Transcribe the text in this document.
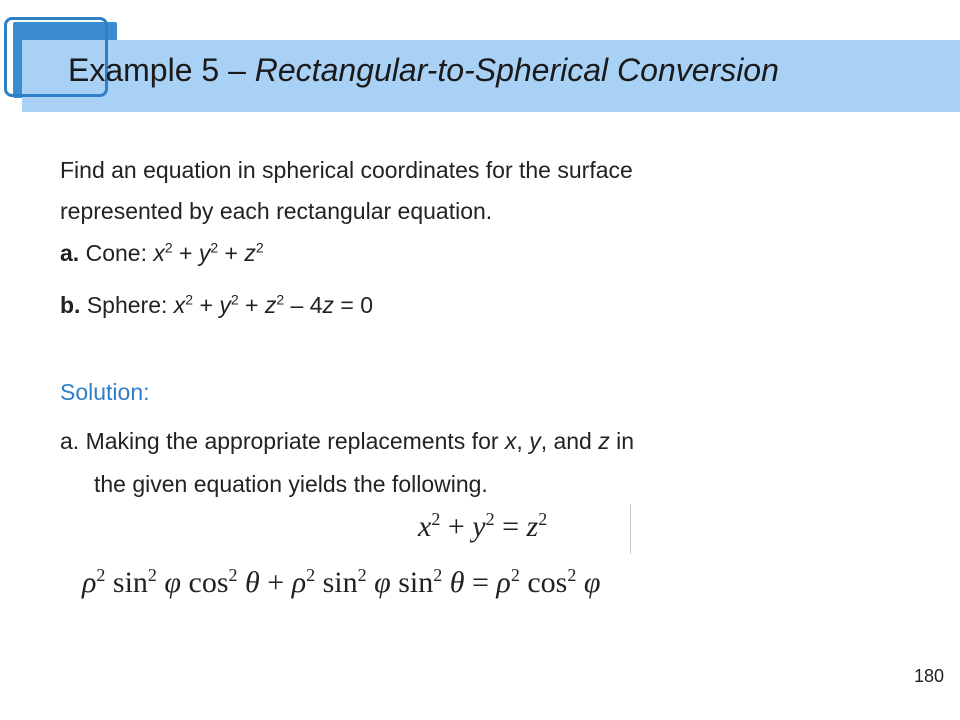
Example 5 – Rectangular-to-Spherical Conversion
Find an equation in spherical coordinates for the surface
represented by each rectangular equation.
a. Cone: $x^2 + y^2 + z^2$
b. Sphere: $x^2 + y^2 + z^2 - 4z = 0$
Solution:
a. Making the appropriate replacements for x, y, and z in
the given equation yields the following.
$x^2 + y^2 = z^2$
$\rho^2$ $\sin^2 \varphi$ $\cos^2 \theta + \rho^2$ $\sin^2 \varphi$ $\sin^2 \theta = \rho^2$ $\cos^2 \varphi$
180
